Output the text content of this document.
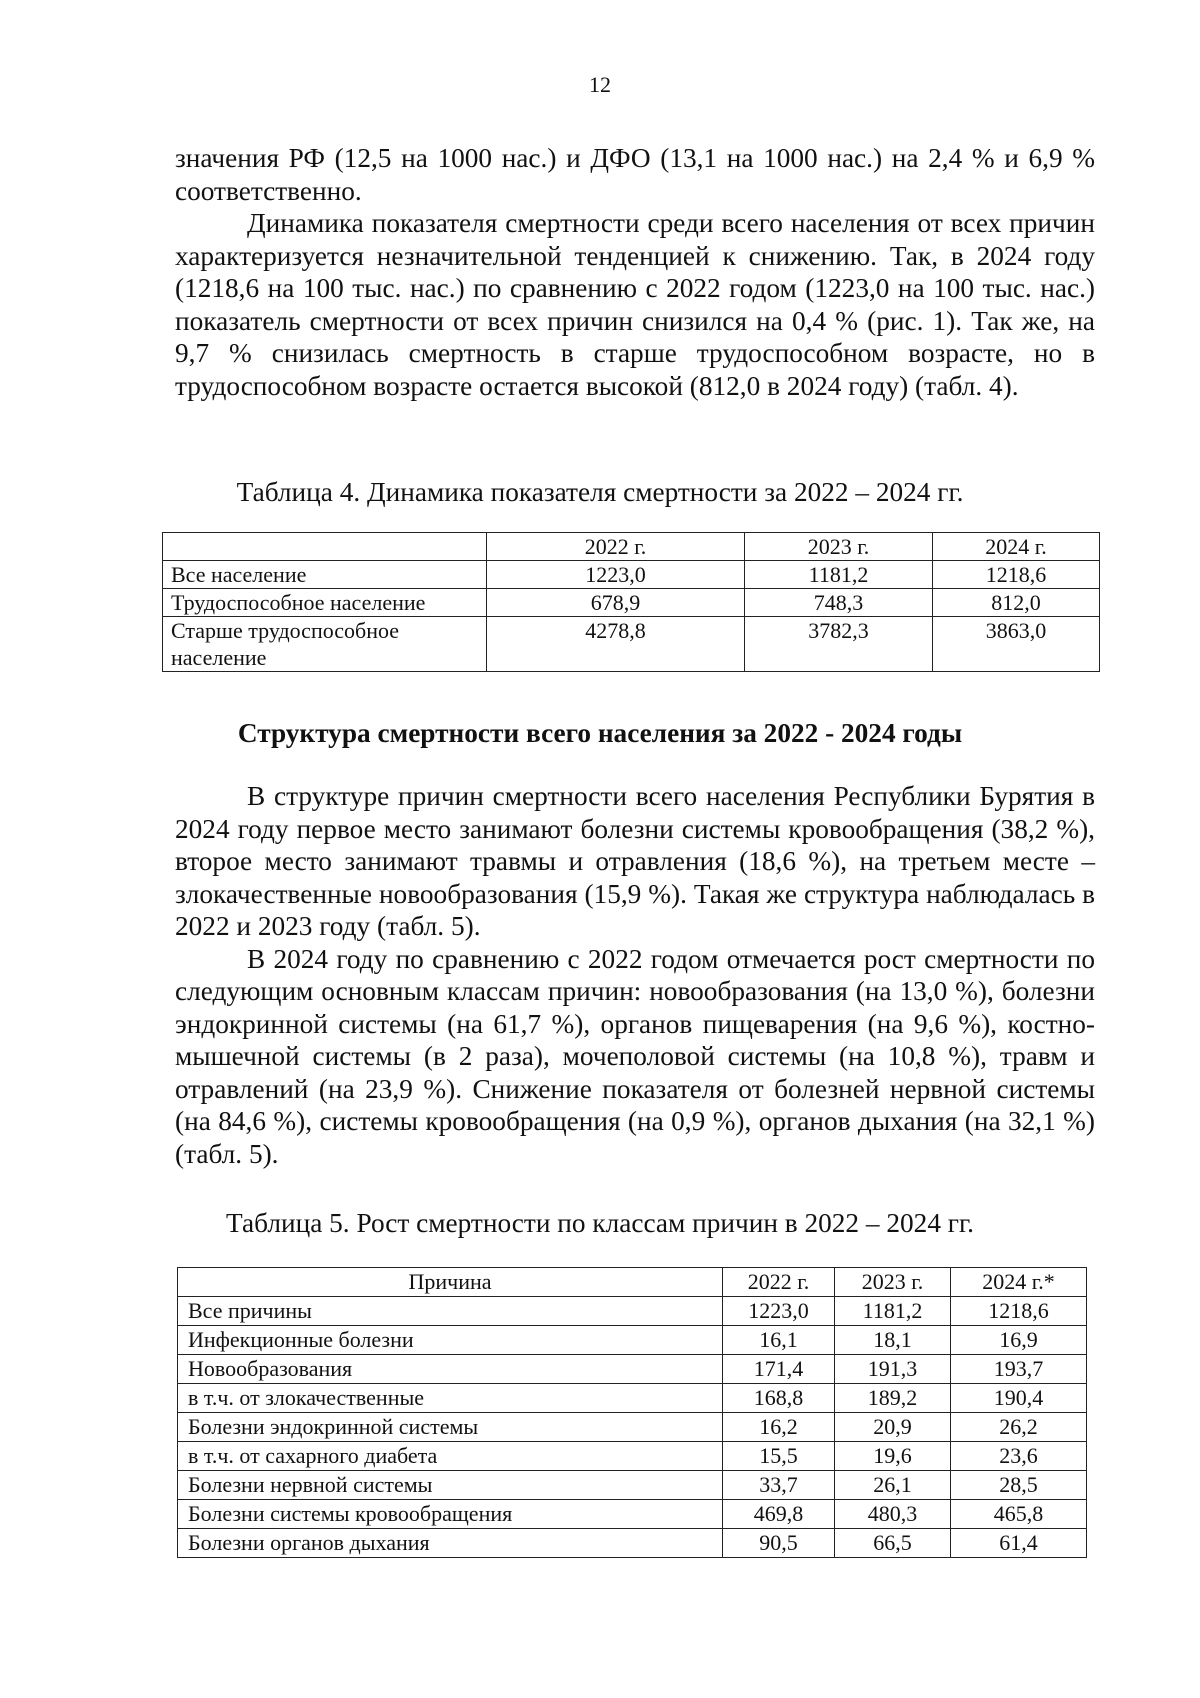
12

значения РФ (12,5 на 1000 нас.) и ДФО (13,1 на 1000 нас.) на 2,4 % и 6,9 % соответственно.

Динамика показателя смертности среди всего населения от всех причин характеризуется незначительной тенденцией к снижению. Так, в 2024 году (1218,6 на 100 тыс. нас.) по сравнению с 2022 годом (1223,0 на 100 тыс. нас.) показатель смертности от всех причин снизился на 0,4 % (рис. 1). Так же, на 9,7 % снизилась смертность в старше трудоспособном возрасте, но в трудоспособном возрасте остается высокой (812,0 в 2024 году) (табл. 4).

Таблица 4. Динамика показателя смертности за 2022 – 2024 гг.
	2022 г.	2023 г.	2024 г.
Все население	1223,0	1181,2	1218,6
Трудоспособное население	678,9	748,3	812,0
Старше трудоспособное население	4278,8	3782,3	3863,0
Структура смертности всего населения за 2022 - 2024 годы

В структуре причин смертности всего населения Республики Бурятия в 2024 году первое место занимают болезни системы кровообращения (38,2 %), второе место занимают травмы и отравления (18,6 %), на третьем месте – злокачественные новообразования (15,9 %). Такая же структура наблюдалась в 2022 и 2023 году (табл. 5).

В 2024 году по сравнению с 2022 годом отмечается рост смертности по следующим основным классам причин: новообразования (на 13,0 %), болезни эндокринной системы (на 61,7 %), органов пищеварения (на 9,6 %), костно-мышечной системы (в 2 раза), мочеполовой системы (на 10,8 %), травм и отравлений (на 23,9 %). Снижение показателя от болезней нервной системы (на 84,6 %), системы кровообращения (на 0,9 %), органов дыхания (на 32,1 %) (табл. 5).

Таблица 5. Рост смертности по классам причин в 2022 – 2024 гг.
Причина	2022 г.	2023 г.	2024 г.*
Все причины	1223,0	1181,2	1218,6
Инфекционные болезни	16,1	18,1	16,9
Новообразования	171,4	191,3	193,7
в т.ч. от злокачественные	168,8	189,2	190,4
Болезни эндокринной системы	16,2	20,9	26,2
в т.ч. от сахарного диабета	15,5	19,6	23,6
Болезни нервной системы	33,7	26,1	28,5
Болезни системы кровообращения	469,8	480,3	465,8
Болезни органов дыхания	90,5	66,5	61,4
